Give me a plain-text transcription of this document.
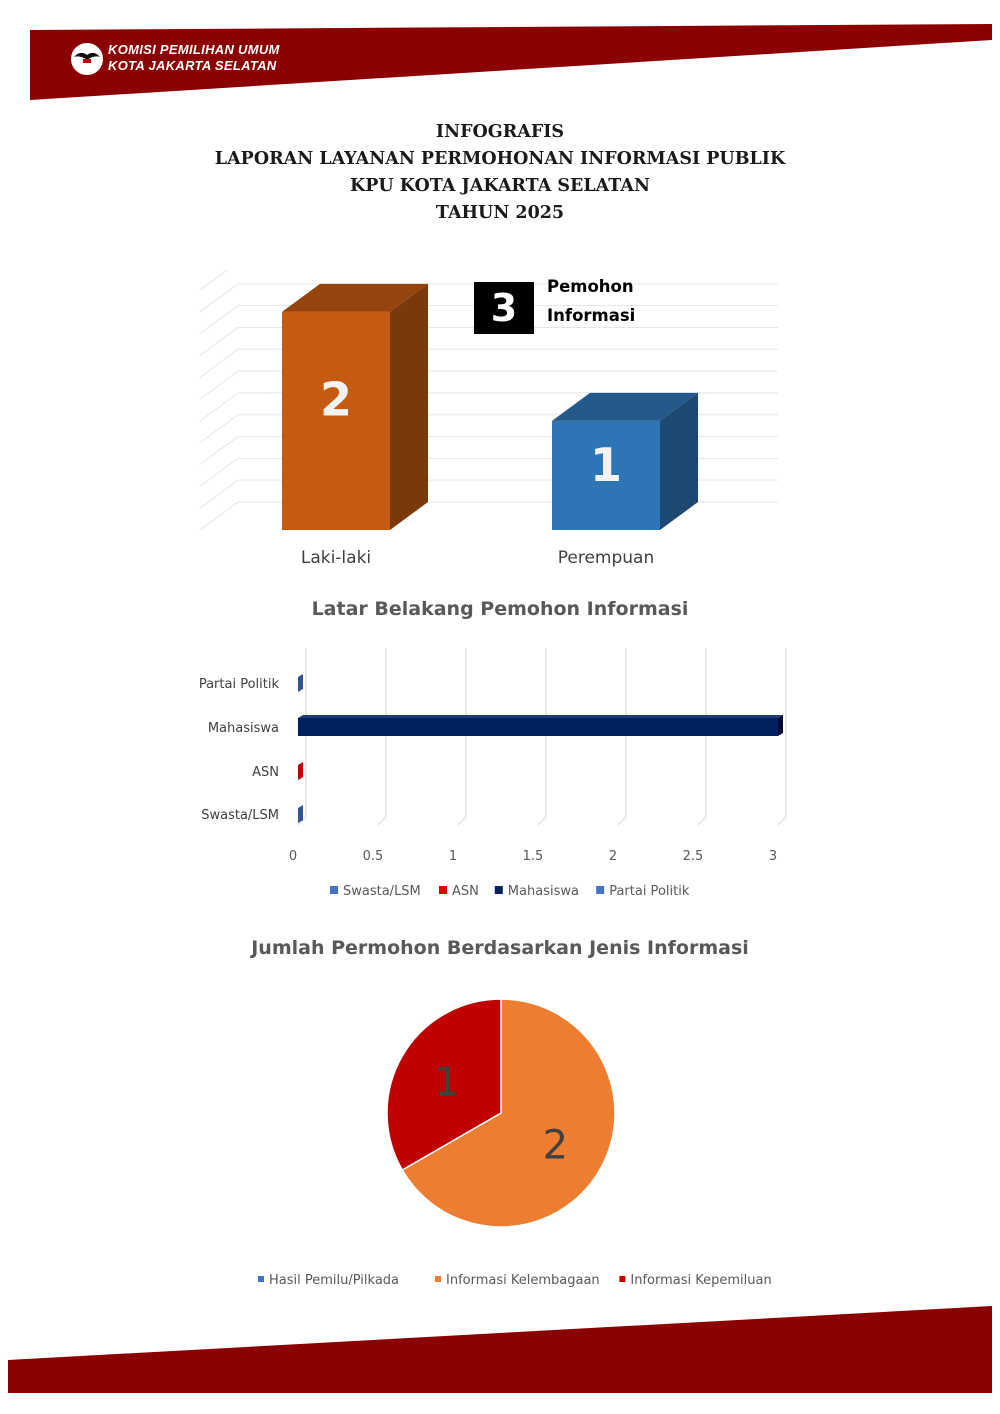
KOMISI PEMILIHAN UMUM
KOTA JAKARTA SELATAN
INFOGRAFIS
LAPORAN LAYANAN PERMOHONAN INFORMASI PUBLIK
KPU KOTA JAKARTA SELATAN
TAHUN 2025
2
Laki-laki
1
Perempuan
3	Pemohon
Informasi
Latar Belakang Pemohon Informasi
0	0.5	1	1.5	2	2.5	3
Partai Politik
Mahasiswa
ASN
Swasta/LSM
Swasta/LSM ASN Mahasiswa Partai Politik
Jumlah Permohon Berdasarkan Jenis Informasi
2
1
Hasil Pemilu/Pilkada	Informasi Kelembagaan Informasi Kepemiluan
